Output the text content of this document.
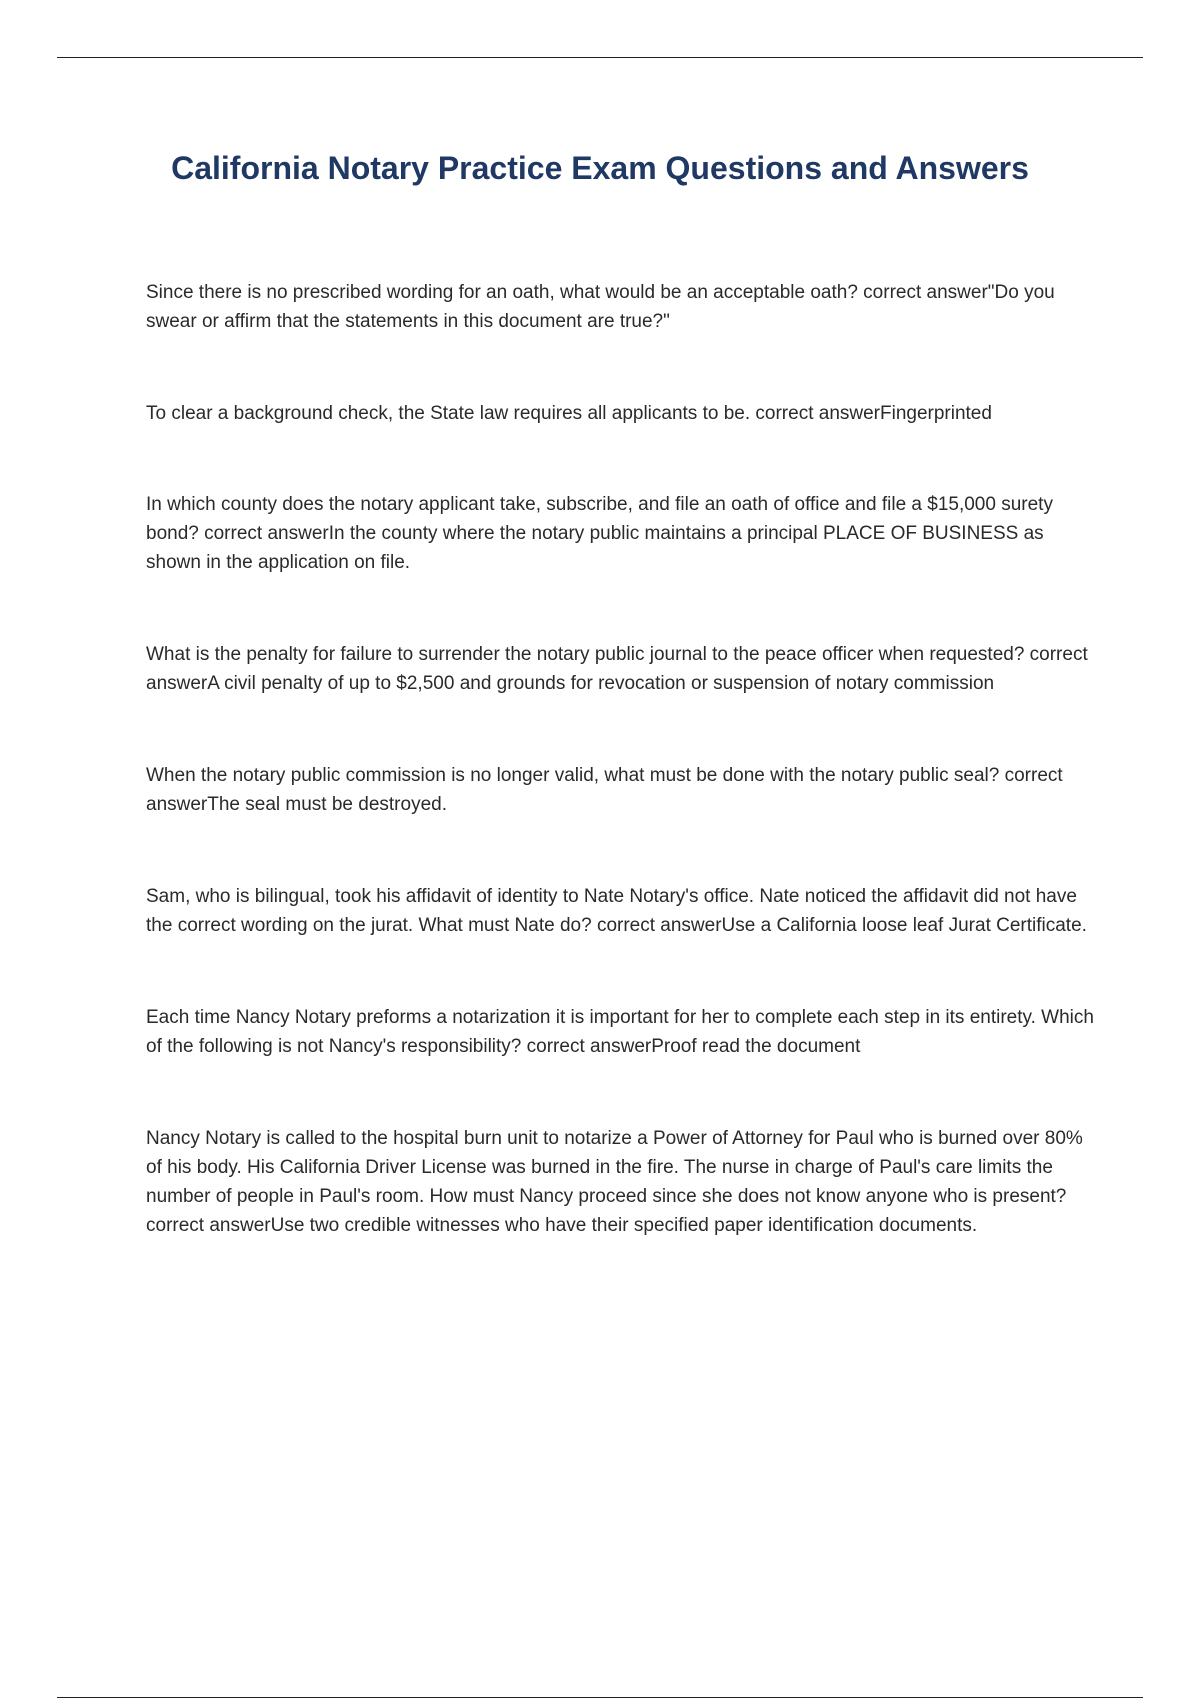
California Notary Practice Exam Questions and Answers

Since there is no prescribed wording for an oath, what would be an acceptable oath? correct answer"Do you swear or affirm that the statements in this document are true?"

To clear a background check, the State law requires all applicants to be. correct answerFingerprinted

In which county does the notary applicant take, subscribe, and file an oath of office and file a $15,000 surety bond? correct answerIn the county where the notary public maintains a principal PLACE OF BUSINESS as shown in the application on file.

What is the penalty for failure to surrender the notary public journal to the peace officer when requested? correct answerA civil penalty of up to $2,500 and grounds for revocation or suspension of notary commission

When the notary public commission is no longer valid, what must be done with the notary public seal? correct answerThe seal must be destroyed.

Sam, who is bilingual, took his affidavit of identity to Nate Notary's office. Nate noticed the affidavit did not have the correct wording on the jurat. What must Nate do? correct answerUse a California loose leaf Jurat Certificate.

Each time Nancy Notary preforms a notarization it is important for her to complete each step in its entirety. Which of the following is not Nancy's responsibility? correct answerProof read the document

Nancy Notary is called to the hospital burn unit to notarize a Power of Attorney for Paul who is burned over 80% of his body. His California Driver License was burned in the fire. The nurse in charge of Paul's care limits the number of people in Paul's room. How must Nancy proceed since she does not know anyone who is present? correct answerUse two credible witnesses who have their specified paper identification documents.
